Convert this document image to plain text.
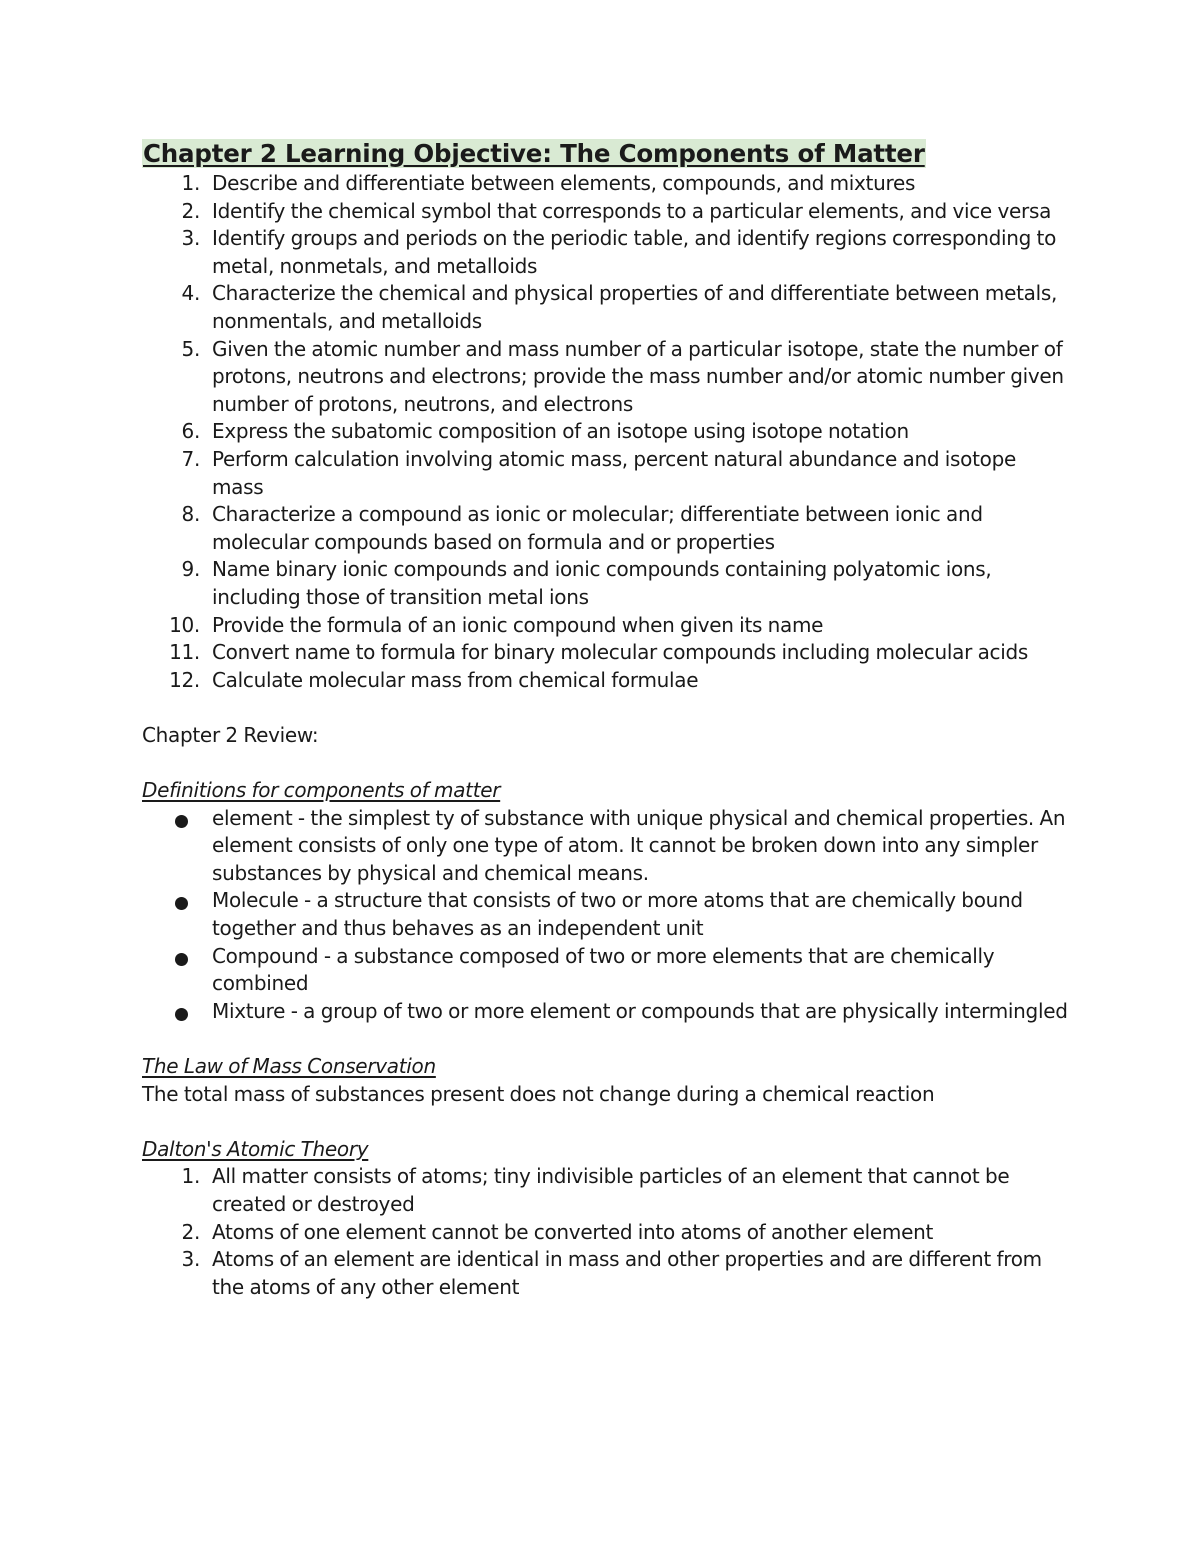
Chapter 2 Learning Objective: The Components of Matter
1. Describe and differentiate between elements, compounds, and mixtures
2. Identify the chemical symbol that corresponds to a particular elements, and vice versa
3. Identify groups and periods on the periodic table, and identify regions corresponding to metal, nonmetals, and metalloids
4. Characterize the chemical and physical properties of and differentiate between metals, nonmentals, and metalloids
5. Given the atomic number and mass number of a particular isotope, state the number of protons, neutrons and electrons; provide the mass number and/or atomic number given number of protons, neutrons, and electrons
6. Express the subatomic composition of an isotope using isotope notation
7. Perform calculation involving atomic mass, percent natural abundance and isotope mass
8. Characterize a compound as ionic or molecular; differentiate between ionic and molecular compounds based on formula and or properties
9. Name binary ionic compounds and ionic compounds containing polyatomic ions, including those of transition metal ions
10. Provide the formula of an ionic compound when given its name
11. Convert name to formula for binary molecular compounds including molecular acids
12. Calculate molecular mass from chemical formulae

Chapter 2 Review:

Definitions for components of matter

element - the simplest ty of substance with unique physical and chemical properties. An element consists of only one type of atom. It cannot be broken down into any simpler substances by physical and chemical means.
Molecule - a structure that consists of two or more atoms that are chemically bound together and thus behaves as an independent unit
Compound - a substance composed of two or more elements that are chemically combined
Mixture - a group of two or more element or compounds that are physically intermingled

The Law of Mass Conservation

The total mass of substances present does not change during a chemical reaction

Dalton's Atomic Theory

1. All matter consists of atoms; tiny indivisible particles of an element that cannot be created or destroyed
2. Atoms of one element cannot be converted into atoms of another element
3. Atoms of an element are identical in mass and other properties and are different from the atoms of any other element
